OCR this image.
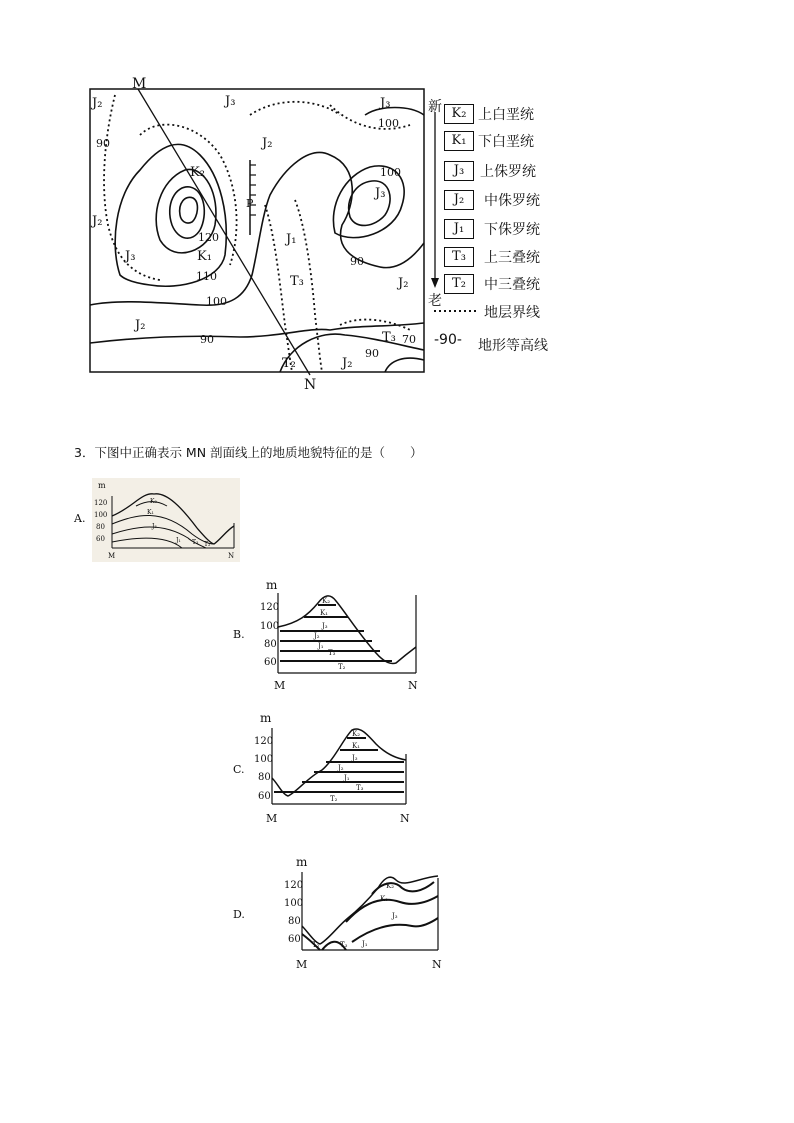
M
N
P
J₂
J₂
J₃
K₂
K₁
J₃
J₂
J₁
T₃
T₂	J₂
J₃
J₃
J₂
T₃
J₂
90
120
110
100
90
100
100
90
90
70
新
老
K₂ 上白垩统
K₁ 下白垩统
J₃	上侏罗统
J₂	中侏罗统
J₁	下侏罗统
T₃	上三叠统
T₂	中三叠统
地层界线
-90- 地形等高线
3．下图中正确表示 MN 剖面线上的地质地貌特征的是（　　）
A.
m
120
100
80
60
K₂
K₁
J₃
J₁ T₃ T₂
M	N
B.
m
120
100
80
60
K₂
K₁
J₃
J₂
J₁
T₃
T₂
M	N
C.
m
120
100
80
60
K₂
K₁
J₃
J₂
J₁
T₃
T₂
M	N
D.
m
120
100
80
60
K₂
K₁
J₃
T₂	T₃ J₁
M	N
